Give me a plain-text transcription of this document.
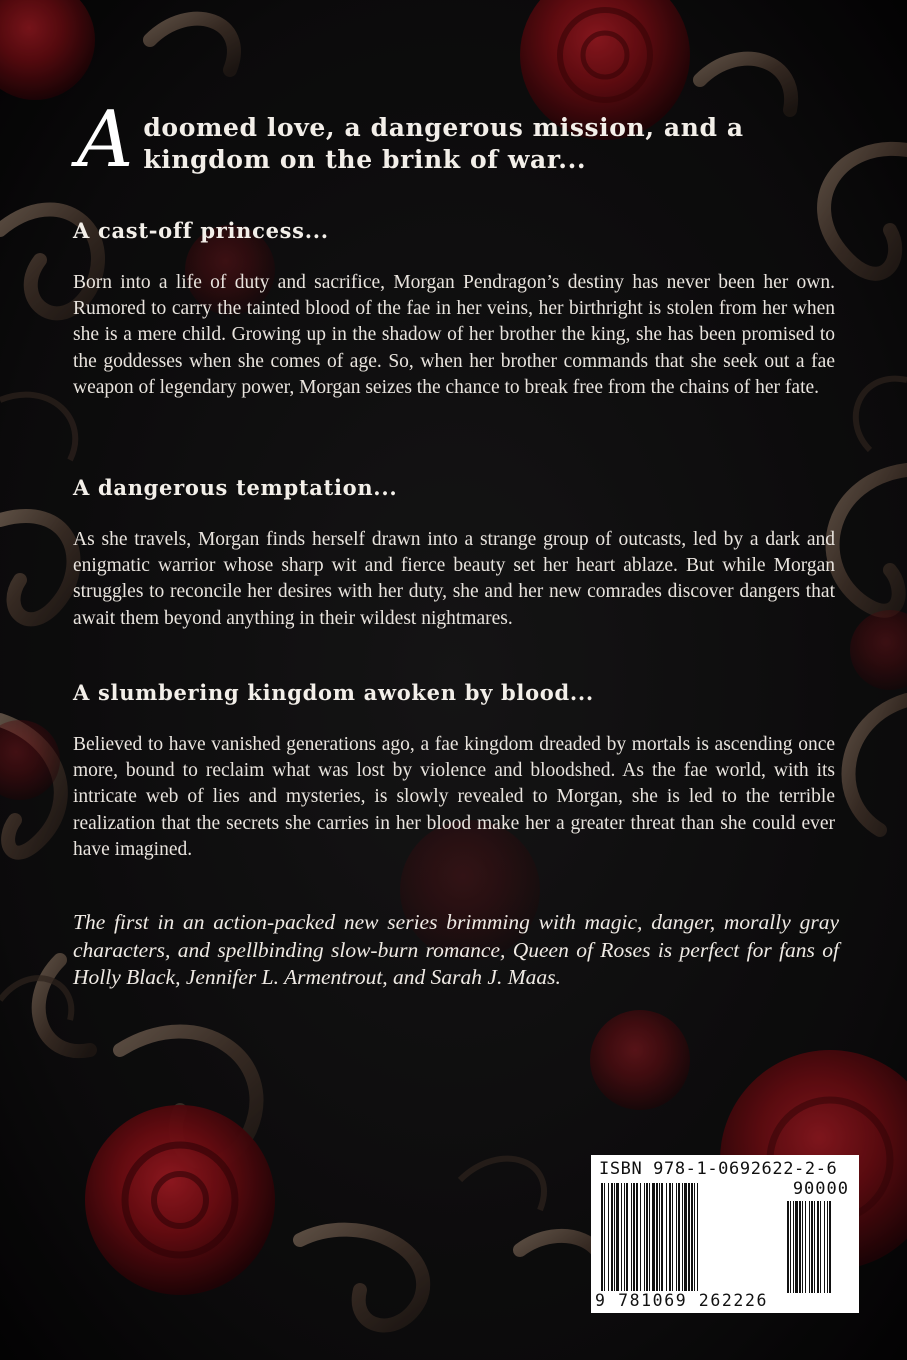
A doomed love, a dangerous mission, and a kingdom on the brink of war...
A cast-off princess...
Born into a life of duty and sacrifice, Morgan Pendragon’s destiny has never been her own. Rumored to carry the tainted blood of the fae in her veins, her birthright is stolen from her when she is a mere child. Growing up in the shadow of her brother the king, she has been promised to the goddesses when she comes of age. So, when her brother commands that she seek out a fae weapon of legendary power, Morgan seizes the chance to break free from the chains of her fate.
A dangerous temptation...
As she travels, Morgan finds herself drawn into a strange group of outcasts, led by a dark and enigmatic warrior whose sharp wit and fierce beauty set her heart ablaze. But while Morgan struggles to reconcile her desires with her duty, she and her new comrades discover dangers that await them beyond anything in their wildest nightmares.
A slumbering kingdom awoken by blood...
Believed to have vanished generations ago, a fae kingdom dreaded by mortals is ascending once more, bound to reclaim what was lost by violence and bloodshed. As the fae world, with its intricate web of lies and mysteries, is slowly revealed to Morgan, she is led to the terrible realization that the secrets she carries in her blood make her a greater threat than she could ever have imagined.
The first in an action-packed new series brimming with magic, danger, morally gray characters, and spellbinding slow-burn romance, Queen of Roses is perfect for fans of Holly Black, Jennifer L. Armentrout, and Sarah J. Maas.
ISBN 978-1-0692622-2-6
90000
9 781069 262226
